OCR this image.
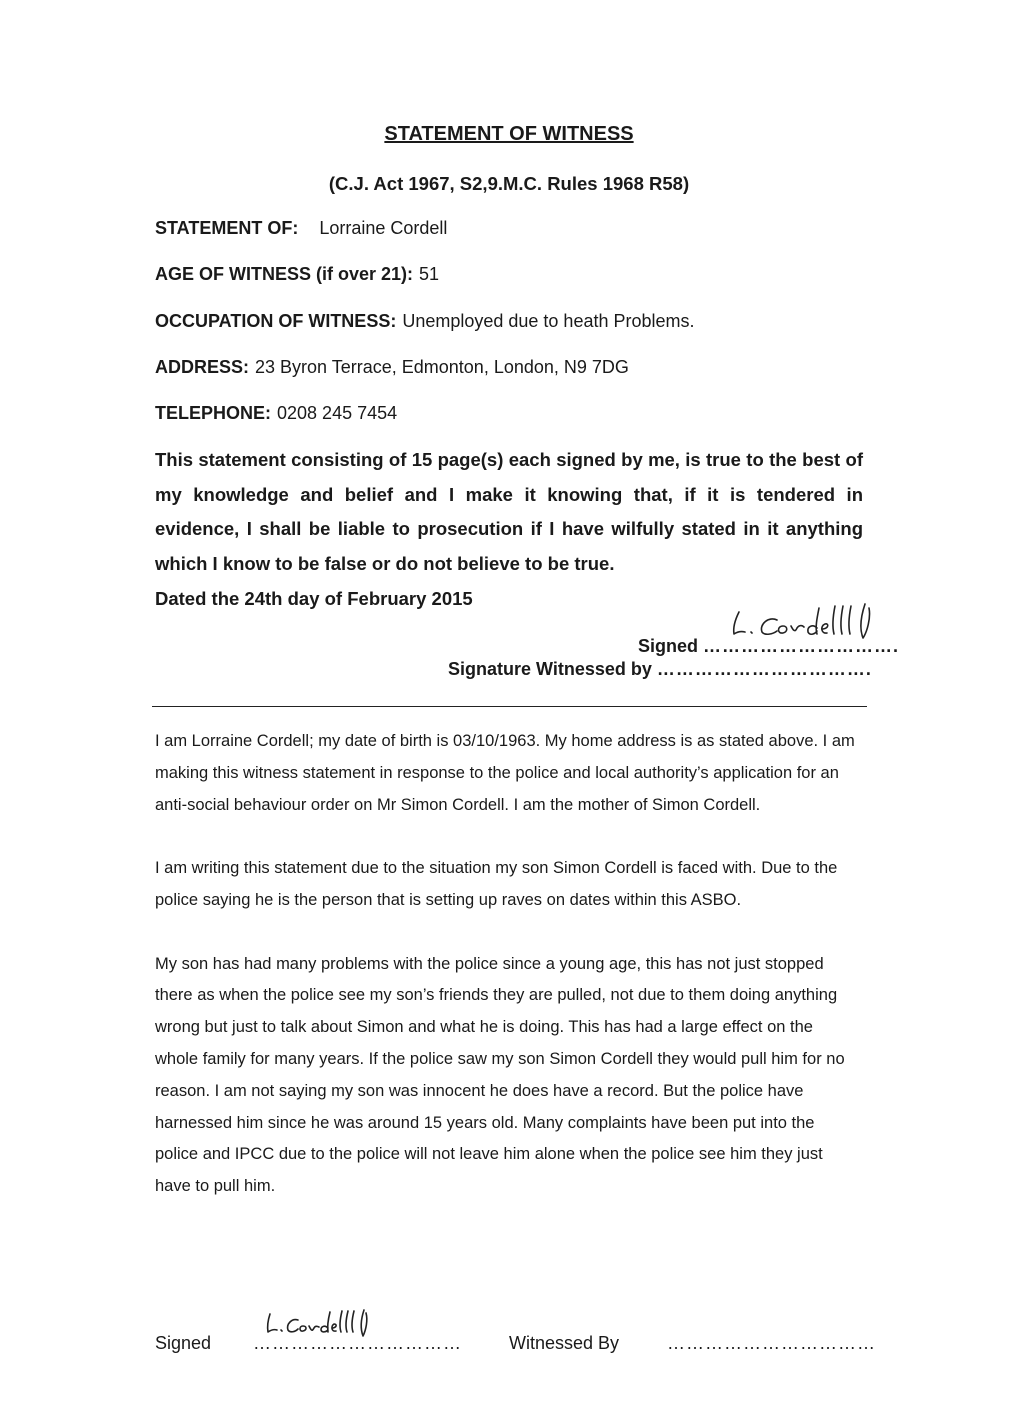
STATEMENT OF WITNESS
(C.J. Act 1967, S2,9.M.C. Rules 1968 R58)
STATEMENT OF: Lorraine Cordell
AGE OF WITNESS (if over 21): 51
OCCUPATION OF WITNESS: Unemployed due to heath Problems.
ADDRESS: 23 Byron Terrace, Edmonton, London, N9 7DG
TELEPHONE: 0208 245 7454
This statement consisting of 15 page(s) each signed by me, is true to the best of my knowledge and belief and I make it knowing that, if it is tendered in evidence, I shall be liable to prosecution if I have wilfully stated in it anything which I know to be false or do not believe to be true.
Dated the 24th day of February 2015
Signed ………………………….
Signature Witnessed by …………………………….

I am Lorraine Cordell; my date of birth is 03/10/1963. My home address is as stated above. I am making this witness statement in response to the police and local authority’s application for an anti-social behaviour order on Mr Simon Cordell. I am the mother of Simon Cordell.

I am writing this statement due to the situation my son Simon Cordell is faced with. Due to the police saying he is the person that is setting up raves on dates within this ASBO.

My son has had many problems with the police since a young age, this has not just stopped there as when the police see my son’s friends they are pulled, not due to them doing anything wrong but just to talk about Simon and what he is doing. This has had a large effect on the whole family for many years. If the police saw my son Simon Cordell they would pull him for no reason. I am not saying my son was innocent he does have a record. But the police have harnessed him since he was around 15 years old. Many complaints have been put into the police and IPCC due to the police will not leave him alone when the police see him they just have to pull him.

Signed ……………………………	Witnessed By	……………………………
